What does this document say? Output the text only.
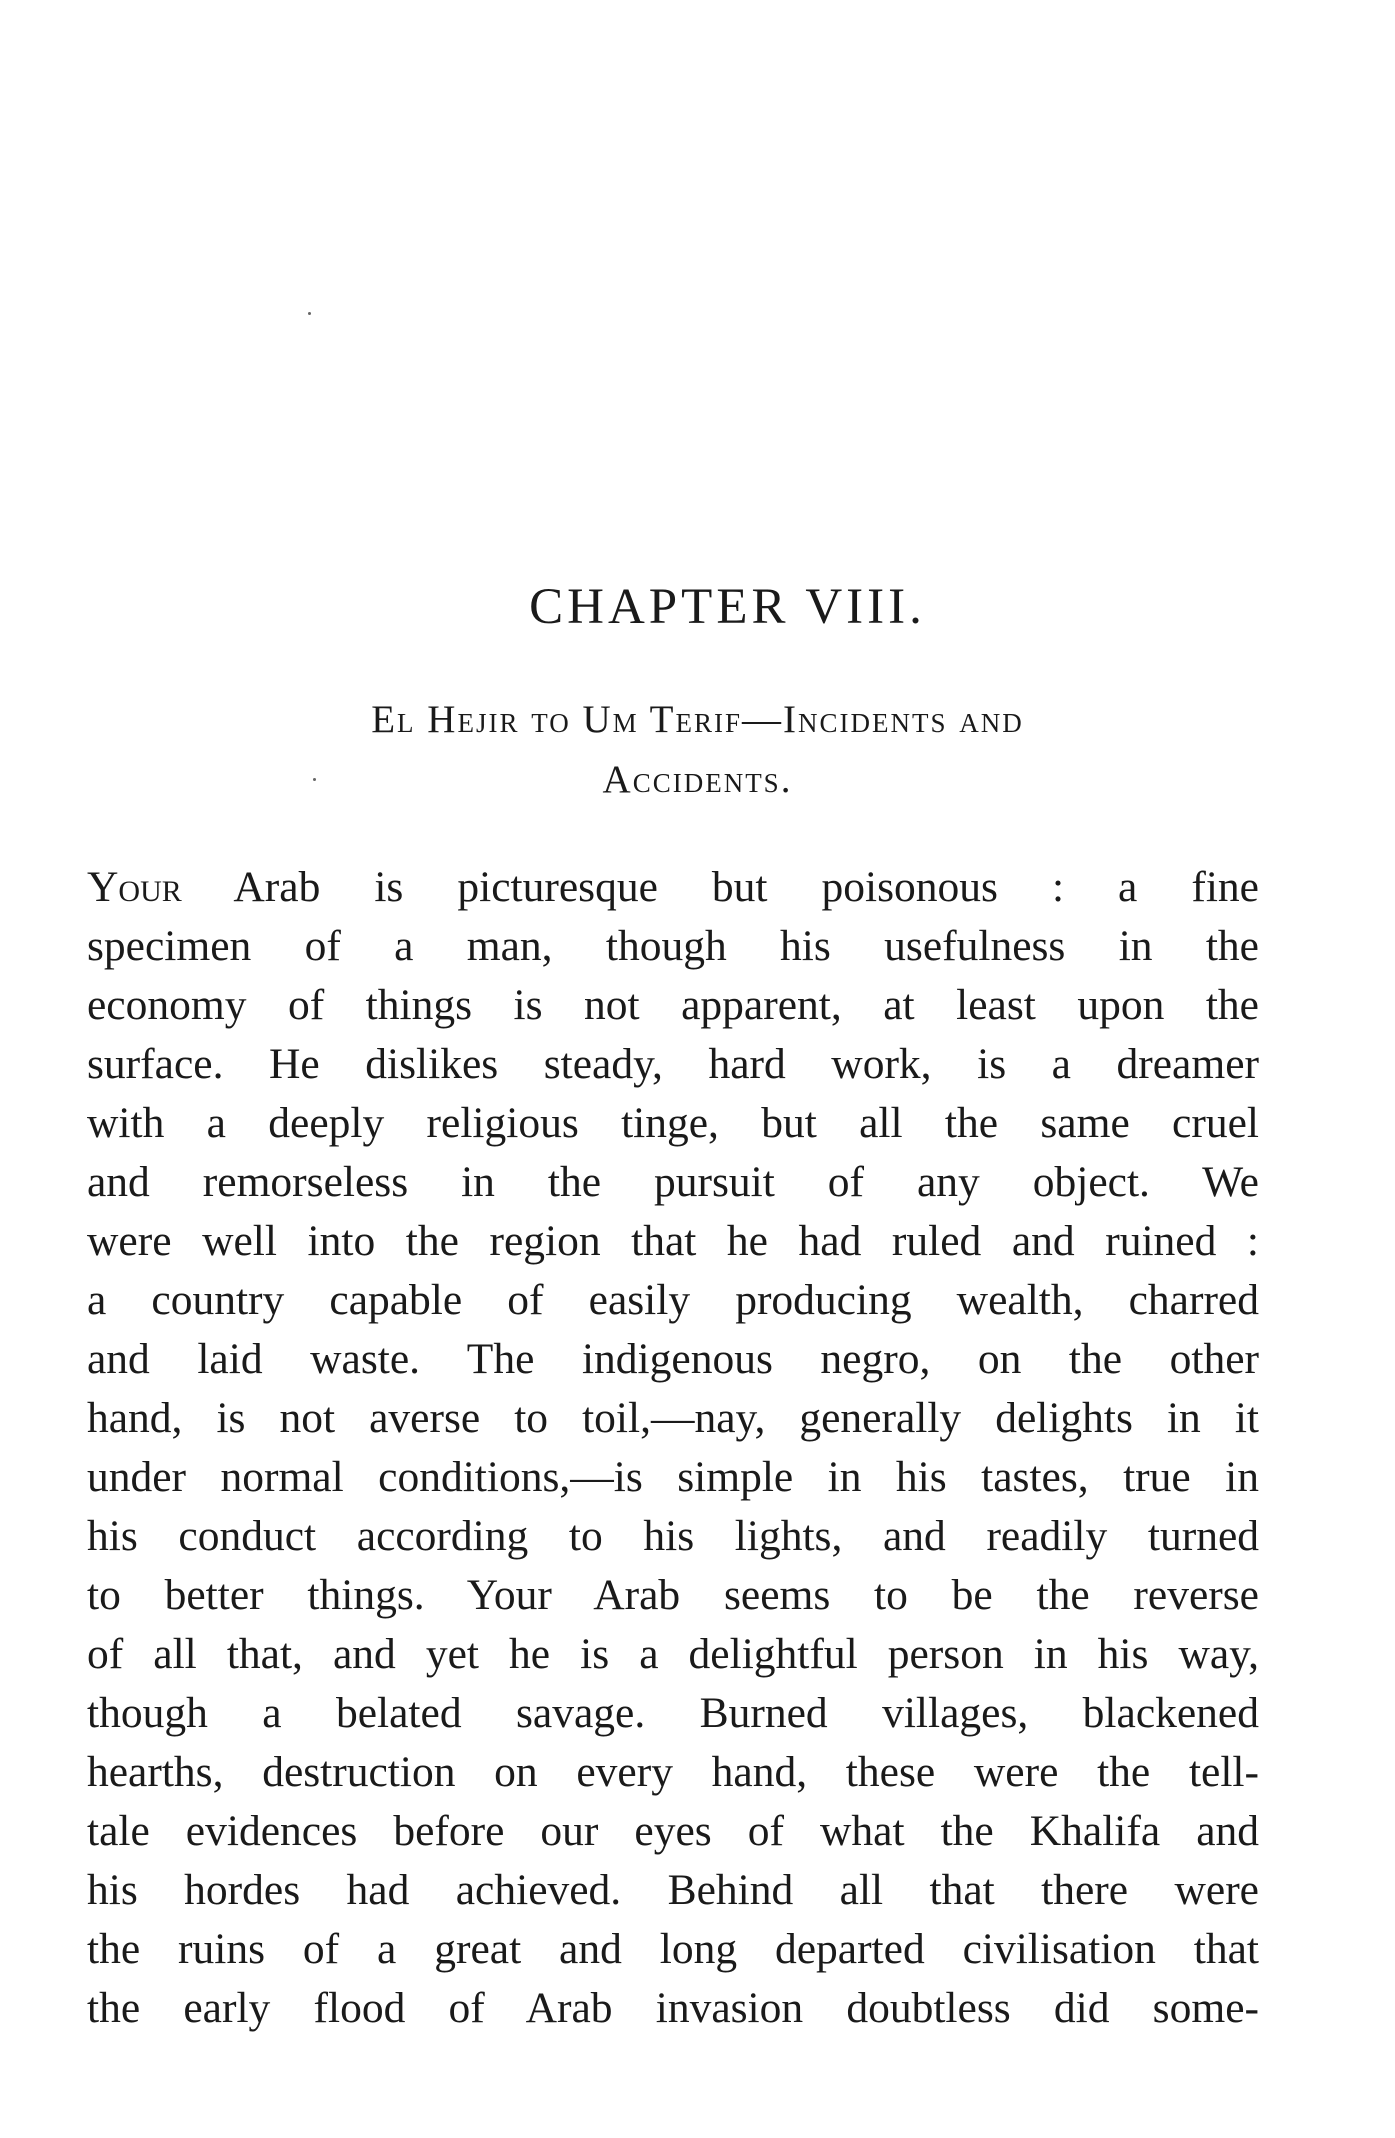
CHAPTER VIII.
El Hejir to Um Terif—Incidents and
Accidents.
Your Arab is picturesque but poisonous : a fine
specimen of a man, though his usefulness in the
economy of things is not apparent, at least upon the
surface. He dislikes steady, hard work, is a dreamer
with a deeply religious tinge, but all the same cruel
and remorseless in the pursuit of any object. We
were well into the region that he had ruled and ruined :
a country capable of easily producing wealth, charred
and laid waste. The indigenous negro, on the other
hand, is not averse to toil,—nay, generally delights in it
under normal conditions,—is simple in his tastes, true in
his conduct according to his lights, and readily turned
to better things. Your Arab seems to be the reverse
of all that, and yet he is a delightful person in his way,
though a belated savage. Burned villages, blackened
hearths, destruction on every hand, these were the tell-
tale evidences before our eyes of what the Khalifa and
his hordes had achieved. Behind all that there were
the ruins of a great and long departed civilisation that
the early flood of Arab invasion doubtless did some-
